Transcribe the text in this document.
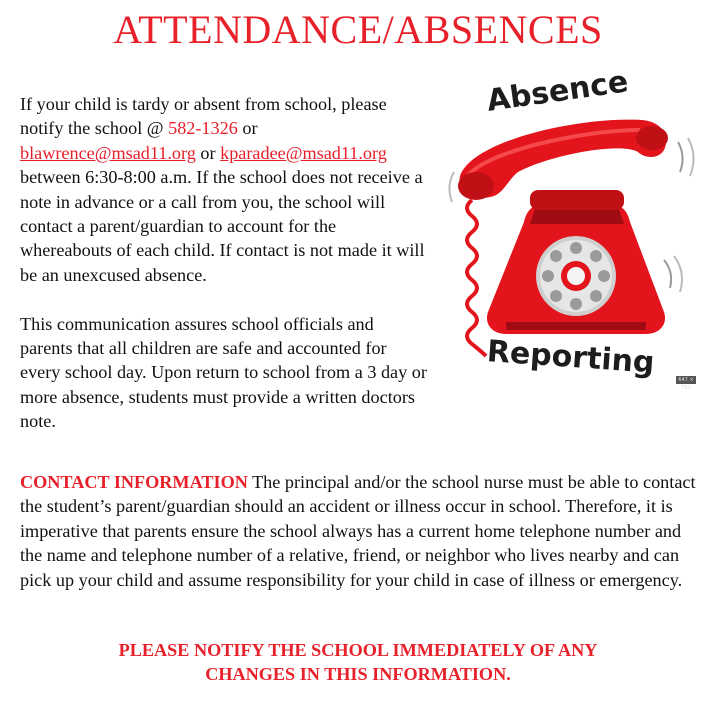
ATTENDANCE/ABSENCES

If your child is tardy or absent from school, please notify the school @ 582-1326 or blawrence@msad11.org or kparadee@msad11.org between 6:30-8:00 a.m. If the school does not receive a note in advance or a call from you, the school will contact a parent/guardian to account for the whereabouts of each child. If contact is not made it will be an unexcused absence.

This communication assures school officials and parents that all children are safe and accounted for every school day. Upon return to school from a 3 day or more absence, students must provide a written doctors note.

Absence
Reporting	647 × 782

CONTACT INFORMATION The principal and/or the school nurse must be able to contact the student’s parent/guardian should an accident or illness occur in school. Therefore, it is imperative that parents ensure the school always has a current home telephone number and the name and telephone number of a relative, friend, or neighbor who lives nearby and can pick up your child and assume responsibility for your child in case of illness or emergency.

PLEASE NOTIFY THE SCHOOL IMMEDIATELY OF ANY
CHANGES IN THIS INFORMATION.
